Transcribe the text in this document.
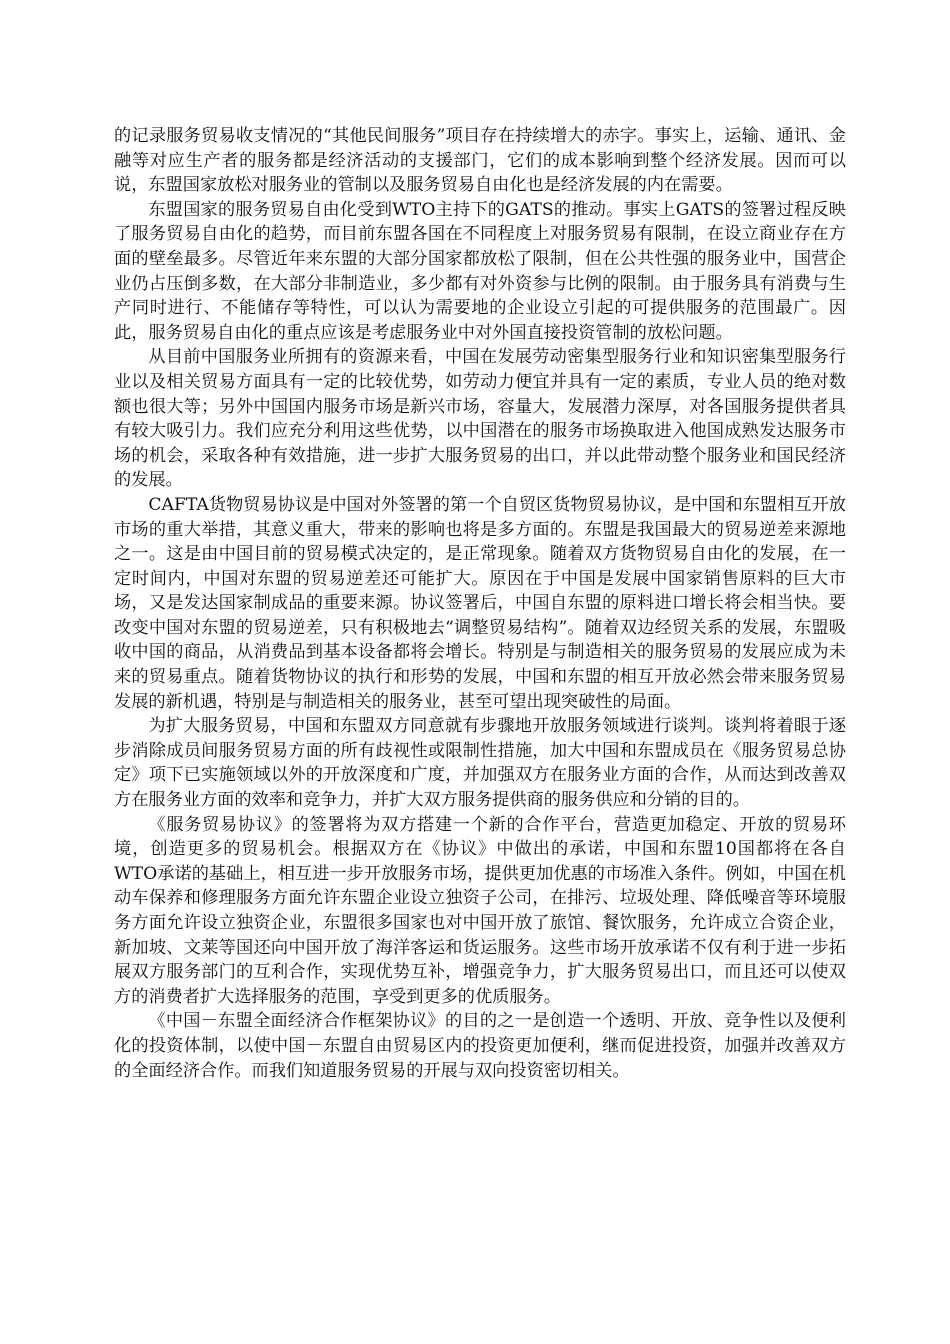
的记录服务贸易收支情况的“其他民间服务”项目存在持续增大的赤字。事实上，运输、通讯、金融等对应生产者的服务都是经济活动的支援部门，它们的成本影响到整个经济发展。因而可以说，东盟国家放松对服务业的管制以及服务贸易自由化也是经济发展的内在需要。

东盟国家的服务贸易自由化受到WTO主持下的GATS的推动。事实上GATS的签署过程反映了服务贸易自由化的趋势，而目前东盟各国在不同程度上对服务贸易有限制，在设立商业存在方面的壁垒最多。尽管近年来东盟的大部分国家都放松了限制，但在公共性强的服务业中，国营企业仍占压倒多数，在大部分非制造业，多少都有对外资参与比例的限制。由于服务具有消费与生产同时进行、不能储存等特性，可以认为需要地的企业设立引起的可提供服务的范围最广。因此，服务贸易自由化的重点应该是考虑服务业中对外国直接投资管制的放松问题。

从目前中国服务业所拥有的资源来看，中国在发展劳动密集型服务行业和知识密集型服务行业以及相关贸易方面具有一定的比较优势，如劳动力便宜并具有一定的素质，专业人员的绝对数额也很大等；另外中国国内服务市场是新兴市场，容量大，发展潜力深厚，对各国服务提供者具有较大吸引力。我们应充分利用这些优势，以中国潜在的服务市场换取进入他国成熟发达服务市场的机会，采取各种有效措施，进一步扩大服务贸易的出口，并以此带动整个服务业和国民经济的发展。

CAFTA货物贸易协议是中国对外签署的第一个自贸区货物贸易协议，是中国和东盟相互开放市场的重大举措，其意义重大，带来的影响也将是多方面的。东盟是我国最大的贸易逆差来源地之一。这是由中国目前的贸易模式决定的，是正常现象。随着双方货物贸易自由化的发展，在一定时间内，中国对东盟的贸易逆差还可能扩大。原因在于中国是发展中国家销售原料的巨大市场，又是发达国家制成品的重要来源。协议签署后，中国自东盟的原料进口增长将会相当快。要改变中国对东盟的贸易逆差，只有积极地去“调整贸易结构”。随着双边经贸关系的发展，东盟吸收中国的商品，从消费品到基本设备都将会增长。特别是与制造相关的服务贸易的发展应成为未来的贸易重点。随着货物协议的执行和形势的发展，中国和东盟的相互开放必然会带来服务贸易发展的新机遇，特别是与制造相关的服务业，甚至可望出现突破性的局面。

为扩大服务贸易，中国和东盟双方同意就有步骤地开放服务领域进行谈判。谈判将着眼于逐步消除成员间服务贸易方面的所有歧视性或限制性措施，加大中国和东盟成员在《服务贸易总协定》项下已实施领域以外的开放深度和广度，并加强双方在服务业方面的合作，从而达到改善双方在服务业方面的效率和竞争力，并扩大双方服务提供商的服务供应和分销的目的。

《服务贸易协议》的签署将为双方搭建一个新的合作平台，营造更加稳定、开放的贸易环境，创造更多的贸易机会。根据双方在《协议》中做出的承诺，中国和东盟10国都将在各自WTO承诺的基础上，相互进一步开放服务市场，提供更加优惠的市场准入条件。例如，中国在机动车保养和修理服务方面允许东盟企业设立独资子公司，在排污、垃圾处理、降低噪音等环境服务方面允许设立独资企业，东盟很多国家也对中国开放了旅馆、餐饮服务，允许成立合资企业，新加坡、文莱等国还向中国开放了海洋客运和货运服务。这些市场开放承诺不仅有利于进一步拓展双方服务部门的互利合作，实现优势互补，增强竞争力，扩大服务贸易出口，而且还可以使双方的消费者扩大选择服务的范围，享受到更多的优质服务。

《中国－东盟全面经济合作框架协议》的目的之一是创造一个透明、开放、竞争性以及便利化的投资体制，以使中国－东盟自由贸易区内的投资更加便利，继而促进投资，加强并改善双方的全面经济合作。而我们知道服务贸易的开展与双向投资密切相关。
